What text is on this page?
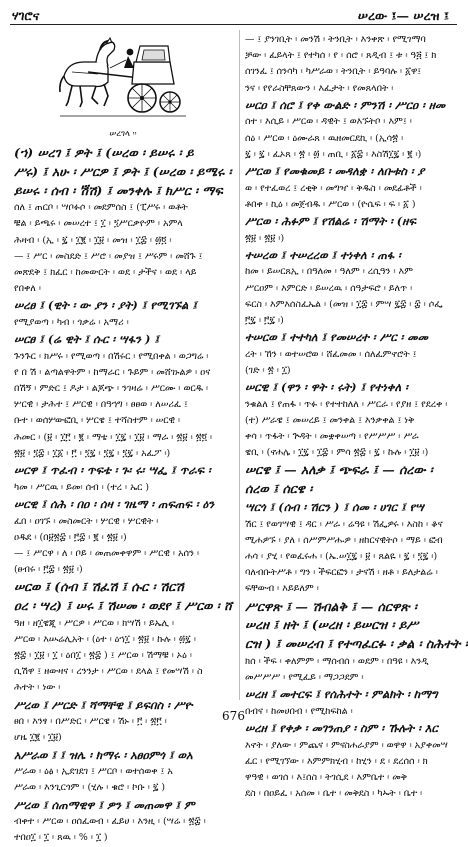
ሃገሮና	ሠረው ፤— ሠረዝ ፤
ሠረገላ ።
(ኀ) ሠረገ ፤ ዎት ፤ (ሠረወ ፡ ይሠሩ ፡ ይ
ሥሩ) ፤ አሁ ፡ ሥርዎ ፤ ዎት ፤ (ሠረወ ፡ ይሜሩ ፡
ይሠሩ ፡ ሰብ ፡ ሽ፝ሽ) ፤ መንቀሉ ፤ ክሥር ፡ ማፍ
ሰለ ፤ ጠርቦ ፡ ሣቦፉሶ ፡ መደምሰስ ፤ (ፒሥሩ ፡ ወቶት
ቹል ፡ ይጫሩ ፡ መሠረተ ፤ ፲ ፡ ፺ሥርቃዮም ፡ አምላ
ሕዛብ ፡ (ኢ ፡ ፯ ፡ ፲፪ ፡ ፲፱ ፡ መዝ ፡ ፲፰ ፡ ፴፬ ፡
— ፤ ሥር ፡ መስደድ ፤ ሥሮ ፡ መያዝ ፤ ሥሩም ፡ መሸጉ ፤
መጽደቅ ፤ ክፈር ፡ ከመውርት ፡ ወደ ፡ ታችና ፡ ወደ ፡ ላይ
የበቀለ ፡
ሠረፀ ፤ (ዊት ፡ ው ያን ፡ ያት) ፤ የሚገኙል ፤
የሚያወጣ ፡ ካብ ፡ ጎቃሬ ፡ አማሪ ፡
ሠርፀ ፤ (ሬ ዊት ፤ ሱር ፡ ሣፋን ) ፤
ጉንጉር ፡ ክሥሩ ፡ የሚወጣ ፡ በሽሩር ፡ የሚበቀል ፡ ወጋግሬ ፡
የ በ ሽ ፡ ልጣልዋትም ፡ ከማራር ፡ ጉይም ፡ መሸገኑልዎ ፡ ዐና
በሽኝ ፡ ምድር ፤ ዶታ ፡ ልጆጭ ፡ ንገዛሬ ፡ ሥርሙ ፡ ወርዱ ፡
ሦርዊ ፡ ታሕተ ፤ ሥርዊ ፡ በዓኀግ ፡ ፀፀወ ፡ ለሠሪፈ ፤
ቡተ ፡ ወሰሦውፎቢ ፡ ሦርዌ ፤ ተሻስተም ፡ ሠርዊ ፡
ሕመር ፡ (፱ ፡ ፲፫ ፡ ፪ ፡ ማቴ ፡ ፲፯ ፡ ፲፱ ፡ ማራ ፡ ፳፱ ፡ ፳፬ ፡
፳፱ ፡ ፺፰ ፡ ፲፩ ፡ ፫ ፡ ፺፯ ፡ ፺፯ ፡ ፺፯ ፡ አፈፖ ፡)
ሠርዋ ፤ ጥፈብ ፡ ጥፍቴ ፡ ጉ፡ ሩ፡ ሣፌ ፤ ጥራፍ ፡
ካመ ፡ ሥርዉ ፡ ይመ፡ ሰብ ፡ (ተረ ፡ ኤር )
ሠርዊ ፤ ሰሕ ፡ በዐ ፡ ሰዛ ፡ ገዜማ ፡ ጠፍጠፍ ፡ ዕን
ፈበ ፡ ዐገኙ ፡ መስመርት ፡ ሦርዊ ፡ ሦርዊት ፡
ዐዱደ ፡ (በ፱፳፰ ፡ ፫፰ ፡ ፪ ፡ ፳፱ ፡)
— ፤ ሥርዋ ፡ ለ ፡ ቦይ ፡ መጠመቀዋም ፡ ሥርዊ ፡ አሰን ፡
(ፀብሩ ፡ ፫፰ ፡ ፳፱ ፡)
ሠርወ ፤ (ሰብ ፤ ሽፈሽ ፤ ሱር ፡ ሽርሽ
ዐረ ፡ ሣረ) ፤ ሠሩ ፤ ሽሠመ ፡ ወደየ ፤ ሥርወ ፡ ሸ
ዓዘ ፡ ዘ፲ዌጂ ፡ ሥርዎ ፡ ሥርወ ፡ ክሣሽ ፡ ይኤሊ ፡
ሥርወ ፡ እሡሬሊአት ፡ (ዕተ ፡ ዕኀ፲ ፡ ፳፱ ፡ ኩሉ ፡ ፴፯ ፡
፳፰ ፡ ፲፱ ፡ ፲ ፡ ዕበ፲ ፡ ፳፰ ) ፤ ሥርወ ፡ ሽማቹ ፡ ኦዕ ፡
ሲሽዋ ፤ ዘውዛና ፡ ረንንታ ፡ ሥርወ ፡ ደላል ፤ የመሣሽ ፡ ስ
ሕተት ፡ ነው ፡
ሥረወ ፤ ሥርድ ፤ ሻማቸዊ ፤ ይፍበስ ፡ ሥዮ
ፀበ ፡ እንፃ ፡ በሥድር ፡ ሥርዌ ፡ ሽኑ ፡ ፫ ፡ ፳፫ ፡
ሆዜ ፲፪ ፡ ፲፱)
አሥራወ ፤ ፤ ዝሌ ፡ ክማሩ ፡ አፀዐምጎ ፤ ወአ
ሥራወ ፡ ዕፅ ፡ ኢደገደገ ፤ ሥርቦ ፡ ወተሰወቀ ፤ አ
ሥራወ ፡ እንጊርጎም ፡ (ሂሉ ፡ ቁሮ ፡ ኮቡ ፡ ፯ )
ሥረወ ፤ ሰጠማዊዋ ፤ ዎን ፤ መጠመዋ ፤ ም
ብቀተ ፡ ሥርወ ፡ ዐሰፈወብ ፡ ፈይሀ ፡ እንዚ ፡ (ሣሬ ፡ ፳፰ ፡
ተበዐ፲ ፡ ፲ ፡ ጸዉ ፡ % ፡ ፲ )
— ፤ ያንገቢት ፡ መንሽ ፡ ትንቢት ፡ እንቀጽ ፡ የሚገማባ
ቻው ፡ ፈይላት ፤ የተካሰ ፡ የ ፡ ሰሮ ፡ ጸዲብ ፤ ቱ ፡ ዓ፭ ፤ ክ
ሰገንፈ ፤ ሰንሳካ ፡ ካሥራወ ፡ ትንቢት ፡ ይዓባሉ ፡ ፩ዋ፤
ንና ፡ የየራስቸጸውን ፡ እፈታት ፡ የመጸላበት ፡
ሠርዐ ፤ ሰሮ ፤ የቀ ውልድ ፡ ምንሽ ፡ ሥርዐ ፡ ዘመ
ሰተ ፡ እሲይ ፡ ሥርወ ፡ ዳዊት ፤ ወእኙትቦ ፡ እም፤ ፡
ሰዕ ፡ ሥርወ ፡ ዕሙራጸ ፡ ዉዘመርደኪ ፡ (ኢሳ፳ ፡
፯ ፡ ፯ ፡ ፈኦጸ ፡ ፳ ፡ ፴ ፡ ጠቢ ፡ ፩፰ ፡ እስሽ፲፯ ፡ ፪ ፡)
ሥርወ ፤ የመቁመይ ፡ መዳለቋ ፡ ለቡቱስ ፡ ያ
ወ ፡ የተፈወረ ፤ ረቂቅ ፡ መግዣ ፡ ቅዱስ ፡ መደፊቶች ፡
ቶበቀ ፡ ኪዕ ፡ መጀብዱ ፡ ሥርወ ፡ (ዮሴፍ ፡ ፍ ፡ ፩ )
ሥርወ ፡ ሕፉም ፤ የሽልሬ ፡ ሽማት ፡ (ዘፍ
፳፱ ፡ ፳፱ ፡)
ተሠረወ ፤ ተሠረረወ ፤ ተነቀለ ፡ ጠፋ ፡
ከመ ፡ ይሠርጸኢ ፡ በዓለመ ፡ ዓለም ፡ ረሲዓን ፡ እም
ሥርዐም ፡ እምርድ ፡ ይሠረዉ ፡ ሰዓታፍሮ ፡ ይለጥ ፡
ፍርስ ፡ እምእሰስፈኤል ፡ (መዝ ፡ ፲፰ ፡ ምሣ ፯፰ ፡ ፰ ፡ ሶፌ
፫፯ ፡ ፫፯ ፡)
ተሠርወ ፤ ተተካለ ፤ የመሠረተ ፡ ሥር ፡ መመ
ረት ፡ ኸን ፡ ወተሠሮወ ፡ ሸፈመመ ፡ ሰለፈምኖሮት ፤
(ገድ ፡ ፳ ፡ ፲)
ሠርዊ ፤ (ዋን ፡ ዋት ፡ ሩት) ፤ የተነቀለ ፡
ንቁልለ ፤ የጠፋ ፡ ጥፉ ፡ የተተከለለ ፡ ሥርራ ፡ የያዘ ፤ የደረቀ ፡
(ተ) ሥራዌ ፤ መሠረይ ፤ መንቀል ፤ እንቃቀል ፤ ነቅ
ቀሳ ፡ ጥፋት ፡ ጕዳት ፡ መቋቀሠጣ ፡ የሥሥሥ ፡ ሥራ
ዌቢ ፡ (ኖሐሌ ፡ ፲፯ ፡ ፲፰ ፡ ምሳ ፳፰ ፡ ፯ ፡ ኩሉ ፡ ፲፱ ፡)
ሠርዌ ፤ — አለቃ ፤ ጭፍራ ፤ — ሰረው ፡
ሰረወ ፤ ሰርዌ ፡
ሣርጎ ፤ (ሰብ ፡ ሽርን ) ፤ ሰመ ፡ ሀገር ፤ የሣ
ሽር ፤ የወገሣዊ ፤ ዳር ፡ ሥራ ፡ ሬዓዩ ፡ ሽፌዎሩ ፡ እስከ ፡ ቆና
ሚሐዎኙ ፡ ያለ ፡ ሰሥምሥሑዎ ፡ ዘከርናዊትሶ ፡ ማይ ፡ ፎብ
ሐሳ ፡ ያሂ ፡ የወፈሩሐ ፡ (ኤ.ሠ፲፯ ፡ ፱ ፡ ጸልዬ ፡ ፯ ፡ ፺፯ ፡)
ባለብቡትሥቶ ፡ ግን ፡ ችፍርፎን ፡ ታናሽ ፡ ዘቶ ፡ ይለታልሬ ፡
ፍቸውብ ፡ እይይለም ፡
ሥርዋጽ ፤ — ሽብልቅ ፤ — ሰርዋጽ ፡
ሠረዘ ፤ ዘት ፤ (ሠረዘ ፡ ይሠርዝ ፡ ይሥ
ርዝ ) ፤ መሠረብ ፤ የተጣፈርፉ ፡ ቃል ፡ ስሕተት ፡
ክሰ ፡ ችፍ ፡ ቀለምም ፡ ማሰብሰ ፡ ወደም ፡ በዓዩ ፡ እንዲ
መሥሥሥ ፡ የሚፈይ ፡ ማጋጋደም ፡
ሠረዘ ፤ መተርፍ ፤ የሰሕተት ፡ ምልክት ፡ ከማግ
በብና ፡ ከመሀበብ ፡ የሚከፍከል ፡
ሠረዘ ፤ የቀቃ ፡ መገንጠያ ፡ ስም ፡ ኹሉት ፡ እር
እኖት ፡ ያለው ፡ ምጨና ፡ ምናስሐራያም ፡ ወዋዋ ፡ አያቀመሣ
ፈር ፡ የሚገኘው ፡ እምምክሂብ ፡ ከሂን ፡ ደ ፡ ደረሰሰ ፡ ክ
ዋዓዊ ፡ ወገሰ ፡ እ፤ሰስ ፡ ትገሲደ ፡ እምቤተ ፡ መቅ
ደስ ፡ በዐይፈ ፡ አሰመ ፡ ቤተ ፡ መቅደስ ፡ ካኡት ፡ ቤተ ፡
676
